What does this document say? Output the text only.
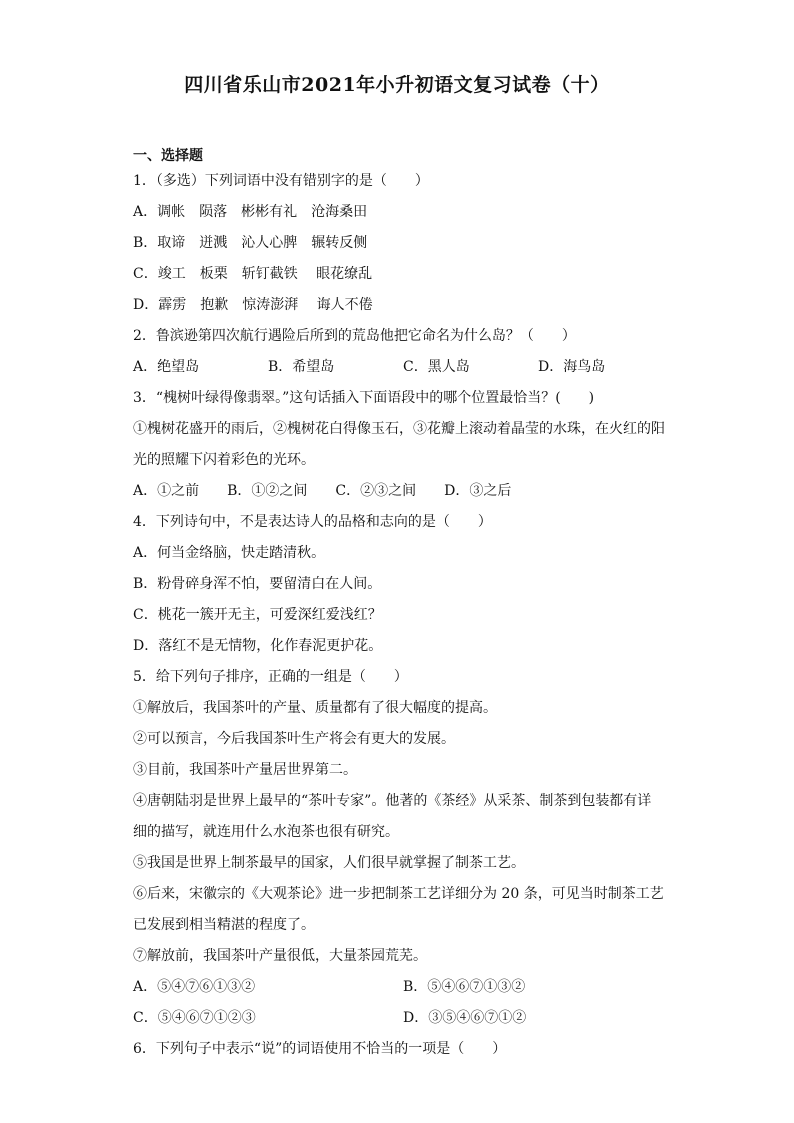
四川省乐山市2021年小升初语文复习试卷（十）
一、选择题
1．（多选）下列词语中没有错别字的是（　　）
A．调帐　陨落　彬彬有礼　沧海桑田
B．取谛　迸溅　沁人心脾　辗转反侧
C．竣工　板栗　斩钉截铁　 眼花缭乱
D．霹雳　抱歉　惊涛澎湃　 诲人不倦
2．鲁滨逊第四次航行遇险后所到的荒岛他把它命名为什么岛？（　　）
A．绝望岛	B．希望岛	C．黑人岛	D．海鸟岛
3．“槐树叶绿得像翡翠。”这句话插入下面语段中的哪个位置最恰当？(　　)
①槐树花盛开的雨后，②槐树花白得像玉石，③花瓣上滚动着晶莹的水珠，在火红的阳
光的照耀下闪着彩色的光环。
A．①之前　　B．①②之间　　C．②③之间　　D．③之后
4．下列诗句中，不是表达诗人的品格和志向的是（　　）
A．何当金络脑，快走踏清秋。
B．粉骨碎身浑不怕，要留清白在人间。
C．桃花一簇开无主，可爱深红爱浅红？
D．落红不是无情物，化作春泥更护花。
5．给下列句子排序，正确的一组是（　　）
①解放后，我国茶叶的产量、质量都有了很大幅度的提高。
②可以预言，今后我国茶叶生产将会有更大的发展。
③目前，我国茶叶产量居世界第二。
④唐朝陆羽是世界上最早的“茶叶专家”。他著的《茶经》从采茶、制茶到包装都有详
细的描写，就连用什么水泡茶也很有研究。
⑤我国是世界上制茶最早的国家，人们很早就掌握了制茶工艺。
⑥后来，宋徽宗的《大观茶论》进一步把制茶工艺详细分为 20 条，可见当时制茶工艺
已发展到相当精湛的程度了。
⑦解放前，我国茶叶产量很低，大量茶园荒芜。
A．⑤④⑦⑥①③②	B．⑤④⑥⑦①③②
C．⑤④⑥⑦①②③	D．③⑤④⑥⑦①②
6．下列句子中表示“说”的词语使用不恰当的一项是（　　）
